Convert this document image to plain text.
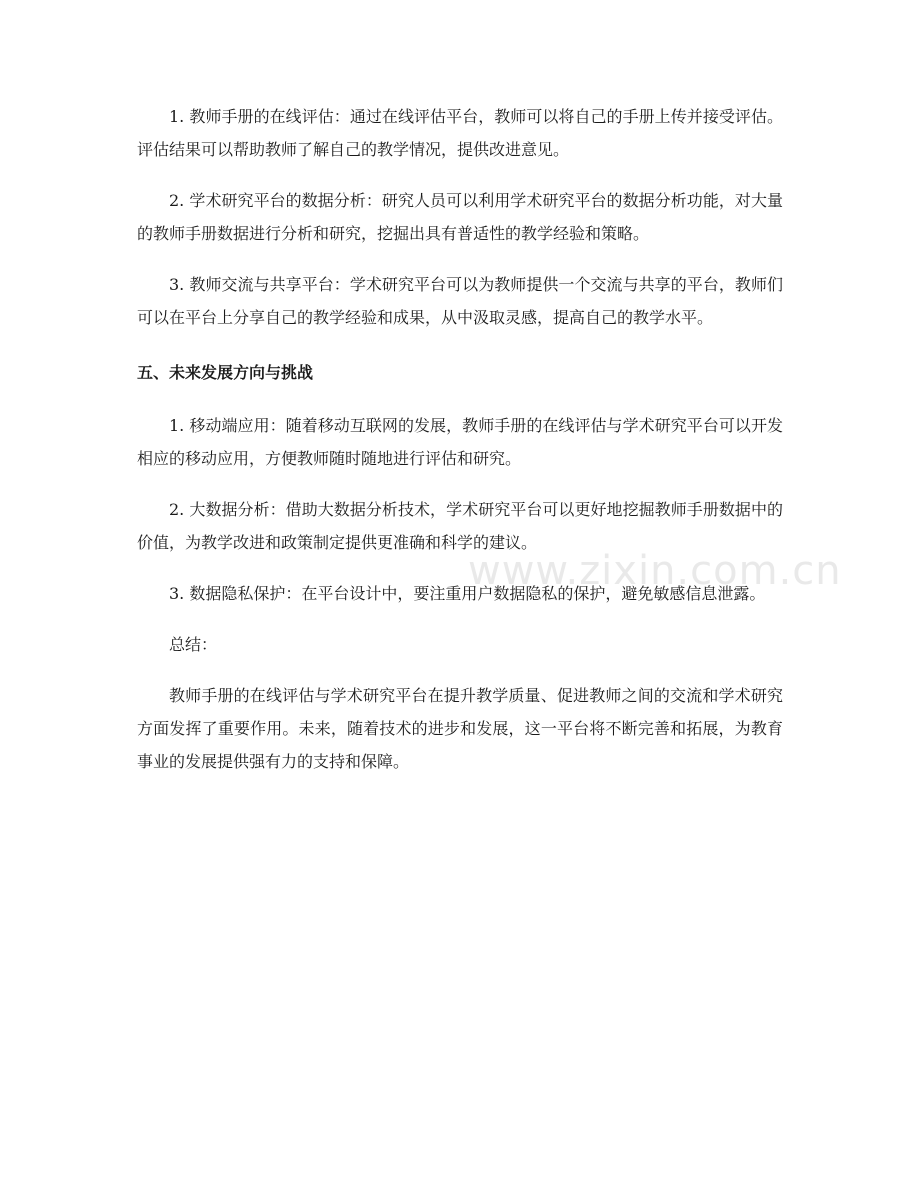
1. 教师手册的在线评估：通过在线评估平台，教师可以将自己的手册上传并接受评估。评估结果可以帮助教师了解自己的教学情况，提供改进意见。

2. 学术研究平台的数据分析：研究人员可以利用学术研究平台的数据分析功能，对大量的教师手册数据进行分析和研究，挖掘出具有普适性的教学经验和策略。

3. 教师交流与共享平台：学术研究平台可以为教师提供一个交流与共享的平台，教师们可以在平台上分享自己的教学经验和成果，从中汲取灵感，提高自己的教学水平。

五、未来发展方向与挑战

1. 移动端应用：随着移动互联网的发展，教师手册的在线评估与学术研究平台可以开发相应的移动应用，方便教师随时随地进行评估和研究。

2. 大数据分析：借助大数据分析技术，学术研究平台可以更好地挖掘教师手册数据中的价值，为教学改进和政策制定提供更准确和科学的建议。

3. 数据隐私保护：在平台设计中，要注重用户数据隐私的保护，避免敏感信息泄露。

总结：

教师手册的在线评估与学术研究平台在提升教学质量、促进教师之间的交流和学术研究方面发挥了重要作用。未来，随着技术的进步和发展，这一平台将不断完善和拓展，为教育事业的发展提供强有力的支持和保障。

www.zixin.com.cn
